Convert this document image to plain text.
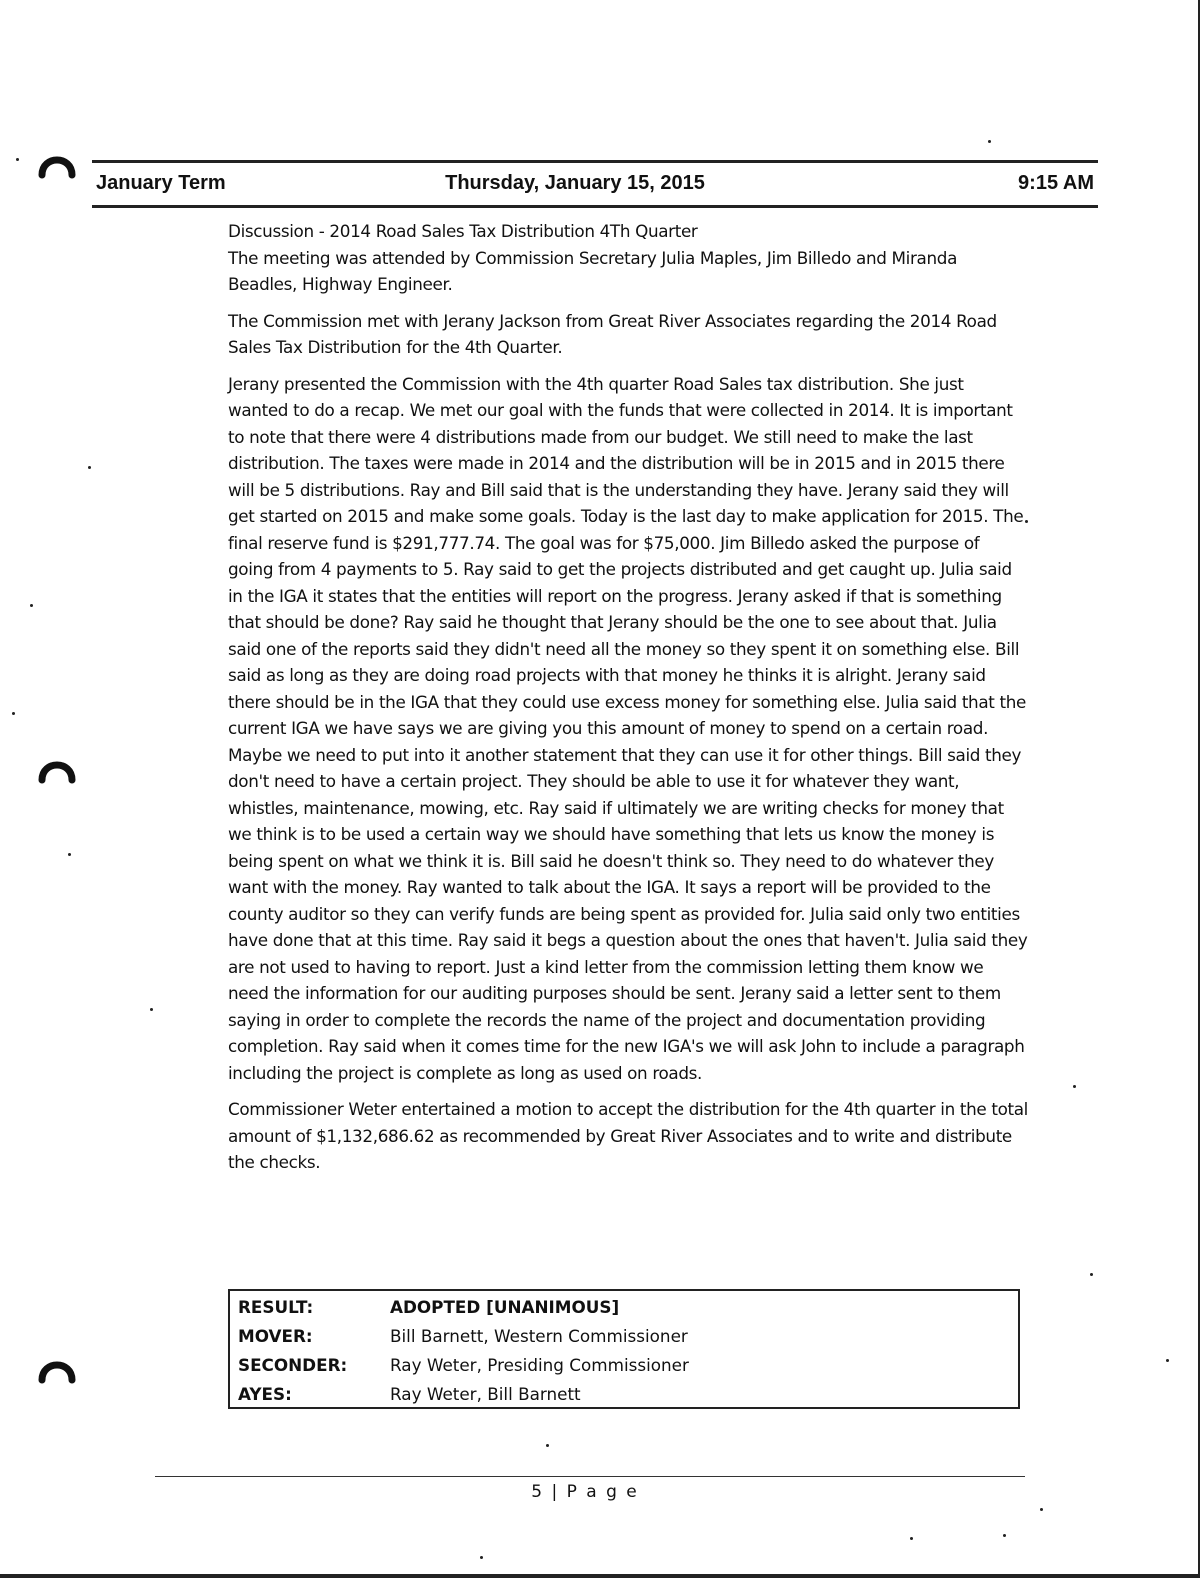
January Term	Thursday, January 15, 2015	9:15 AM

Discussion - 2014 Road Sales Tax Distribution 4Th Quarter

The meeting was attended by Commission Secretary Julia Maples, Jim Billedo and Miranda Beadles, Highway Engineer.

The Commission met with Jerany Jackson from Great River Associates regarding the 2014 Road Sales Tax Distribution for the 4th Quarter.

Jerany presented the Commission with the 4th quarter Road Sales tax distribution. She just wanted to do a recap. We met our goal with the funds that were collected in 2014. It is important to note that there were 4 distributions made from our budget. We still need to make the last distribution. The taxes were made in 2014 and the distribution will be in 2015 and in 2015 there will be 5 distributions. Ray and Bill said that is the understanding they have. Jerany said they will get started on 2015 and make some goals. Today is the last day to make application for 2015. The final reserve fund is $291,777.74. The goal was for $75,000. Jim Billedo asked the purpose of going from 4 payments to 5. Ray said to get the projects distributed and get caught up. Julia said in the IGA it states that the entities will report on the progress. Jerany asked if that is something that should be done? Ray said he thought that Jerany should be the one to see about that. Julia said one of the reports said they didn't need all the money so they spent it on something else. Bill said as long as they are doing road projects with that money he thinks it is alright. Jerany said there should be in the IGA that they could use excess money for something else. Julia said that the current IGA we have says we are giving you this amount of money to spend on a certain road. Maybe we need to put into it another statement that they can use it for other things. Bill said they don't need to have a certain project. They should be able to use it for whatever they want, whistles, maintenance, mowing, etc. Ray said if ultimately we are writing checks for money that we think is to be used a certain way we should have something that lets us know the money is being spent on what we think it is. Bill said he doesn't think so. They need to do whatever they want with the money. Ray wanted to talk about the IGA. It says a report will be provided to the county auditor so they can verify funds are being spent as provided for. Julia said only two entities have done that at this time. Ray said it begs a question about the ones that haven't. Julia said they are not used to having to report. Just a kind letter from the commission letting them know we need the information for our auditing purposes should be sent. Jerany said a letter sent to them saying in order to complete the records the name of the project and documentation providing completion. Ray said when it comes time for the new IGA's we will ask John to include a paragraph including the project is complete as long as used on roads.

Commissioner Weter entertained a motion to accept the distribution for the 4th quarter in the total amount of $1,132,686.62 as recommended by Great River Associates and to write and distribute the checks.

RESULT:	ADOPTED [UNANIMOUS]
MOVER:	Bill Barnett, Western Commissioner
SECONDER:	Ray Weter, Presiding Commissioner
AYES:	Ray Weter, Bill Barnett
5 | P a g e
